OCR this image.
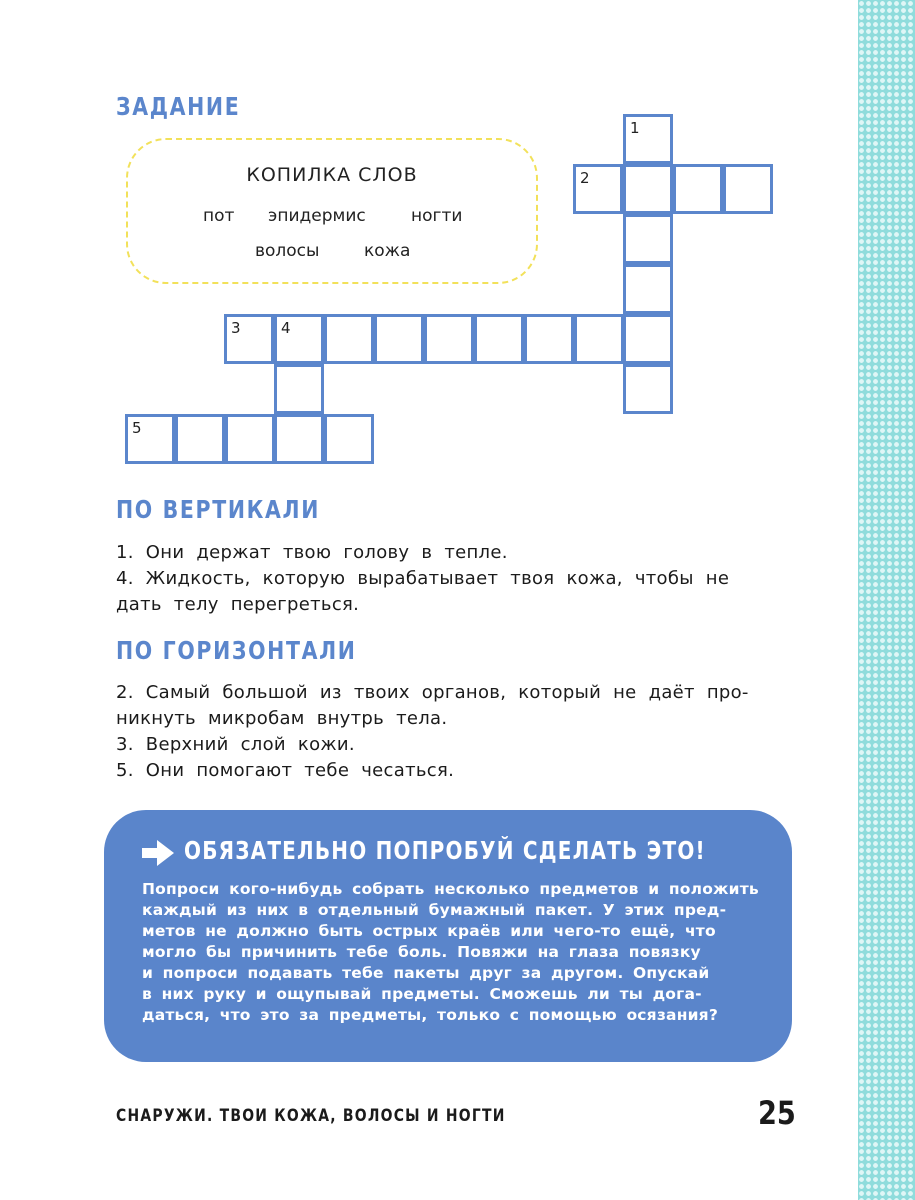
ЗАДАНИЕ
КОПИЛКА СЛОВ
пот эпидермис	ногти
волосы	кожа
1
2
3	4
5
ПО ВЕРТИКАЛИ
1. Они держат твою голову в тепле.
4. Жидкость, которую вырабатывает твоя кожа, чтобы не
дать телу перегреться.
ПО ГОРИЗОНТАЛИ
2. Самый большой из твоих органов, который не даёт про-
никнуть микробам внутрь тела.
3. Верхний слой кожи.
5. Они помогают тебе чесаться.
ОБЯЗАТЕЛЬНО ПОПРОБУЙ СДЕЛАТЬ ЭТО!
Попроси кого-нибудь собрать несколько предметов и положить
каждый из них в отдельный бумажный пакет. У этих пред-
метов не должно быть острых краёв или чего-то ещё, что
могло бы причинить тебе боль. Повяжи на глаза повязку
и попроси подавать тебе пакеты друг за другом. Опускай
в них руку и ощупывай предметы. Сможешь ли ты дога-
даться, что это за предметы, только с помощью осязания?
СНАРУЖИ. ТВОИ КОЖА, ВОЛОСЫ И НОГТИ	25
